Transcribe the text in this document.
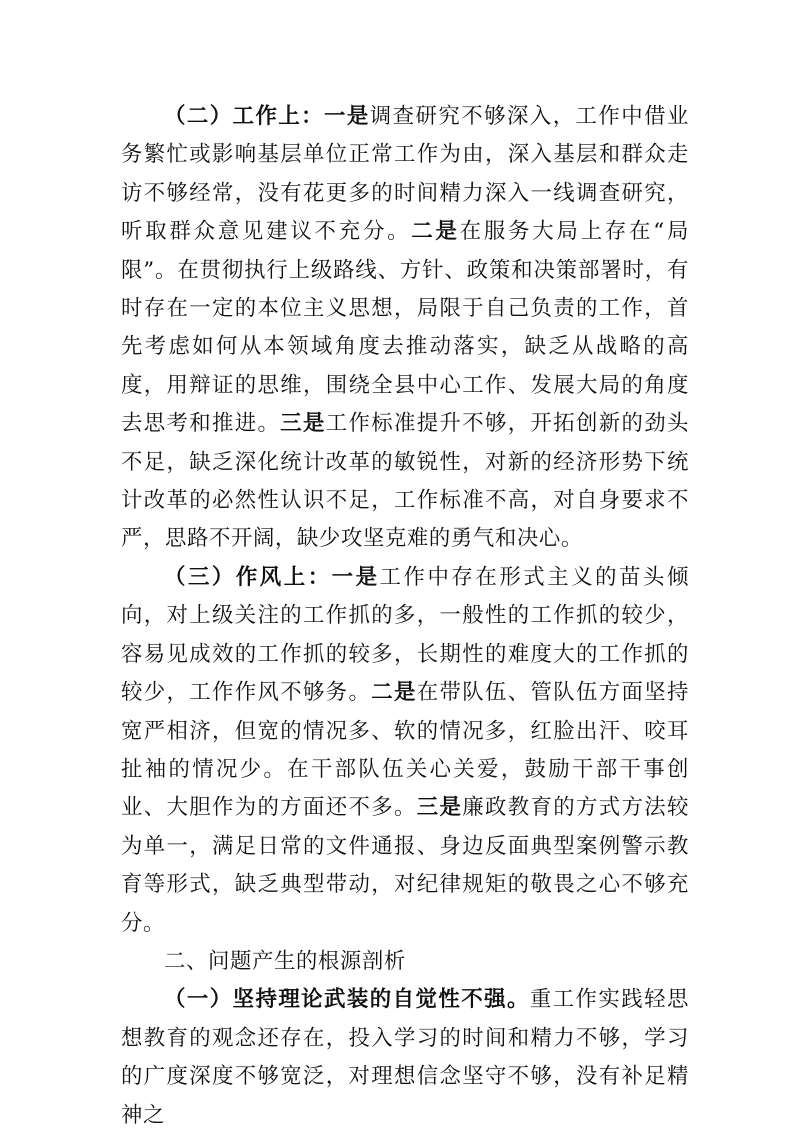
（二）工作上：一是调查研究不够深入，工作中借业务繁忙或影响基层单位正常工作为由，深入基层和群众走访不够经常，没有花更多的时间精力深入一线调查研究，听取群众意见建议不充分。二是在服务大局上存在“局限”。在贯彻执行上级路线、方针、政策和决策部署时，有时存在一定的本位主义思想，局限于自己负责的工作，首先考虑如何从本领域角度去推动落实，缺乏从战略的高度，用辩证的思维，围绕全县中心工作、发展大局的角度去思考和推进。三是工作标准提升不够，开拓创新的劲头不足，缺乏深化统计改革的敏锐性，对新的经济形势下统计改革的必然性认识不足，工作标准不高，对自身要求不严，思路不开阔，缺少攻坚克难的勇气和决心。

（三）作风上：一是工作中存在形式主义的苗头倾向，对上级关注的工作抓的多，一般性的工作抓的较少，容易见成效的工作抓的较多，长期性的难度大的工作抓的较少，工作作风不够务。二是在带队伍、管队伍方面坚持宽严相济，但宽的情况多、软的情况多，红脸出汗、咬耳扯袖的情况少。在干部队伍关心关爱，鼓励干部干事创业、大胆作为的方面还不多。三是廉政教育的方式方法较为单一，满足日常的文件通报、身边反面典型案例警示教育等形式，缺乏典型带动，对纪律规矩的敬畏之心不够充分。

二、问题产生的根源剖析

（一）坚持理论武装的自觉性不强。重工作实践轻思想教育的观念还存在，投入学习的时间和精力不够，学习的广度深度不够宽泛，对理想信念坚守不够，没有补足精神之
